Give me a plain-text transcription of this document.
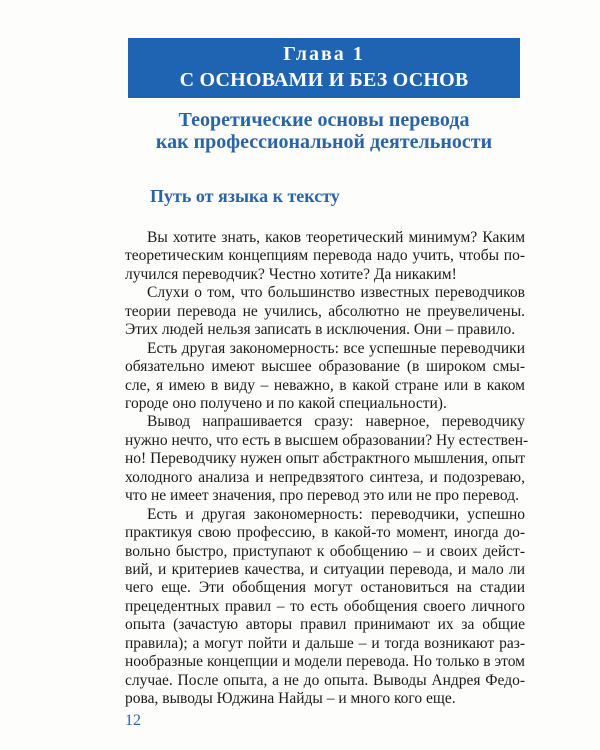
Глава 1
С ОСНОВАМИ И БЕЗ ОСНОВ
Теоретические основы перевода
как профессиональной деятельности
Путь от языка к тексту
Вы хотите знать, каков теоретический минимум? Каким
теоретическим концепциям перевода надо учить, чтобы по-
лучился переводчик? Честно хотите? Да никаким!
Слухи о том, что большинство известных переводчиков
теории перевода не учились, абсолютно не преувеличены.
Этих людей нельзя записать в исключения. Они – правило.
Есть другая закономерность: все успешные переводчики
обязательно имеют высшее образование (в широком смы-
сле, я имею в виду – неважно, в какой стране или в каком
городе оно получено и по какой специальности).
Вывод напрашивается сразу: наверное, переводчику
нужно нечто, что есть в высшем образовании? Ну естествен-
но! Переводчику нужен опыт абстрактного мышления, опыт
холодного анализа и непредвзятого синтеза, и подозреваю,
что не имеет значения, про перевод это или не про перевод.
Есть и другая закономерность: переводчики, успешно
практикуя свою профессию, в какой-то момент, иногда до-
вольно быстро, приступают к обобщению – и своих дейст-
вий, и критериев качества, и ситуации перевода, и мало ли
чего еще. Эти обобщения могут остановиться на стадии
прецедентных правил – то есть обобщения своего личного
опыта (зачастую авторы правил принимают их за общие
правила); а могут пойти и дальше – и тогда возникают раз-
нообразные концепции и модели перевода. Но только в этом
случае. После опыта, а не до опыта. Выводы Андрея Федо-
рова, выводы Юджина Найды – и много кого еще.
12
